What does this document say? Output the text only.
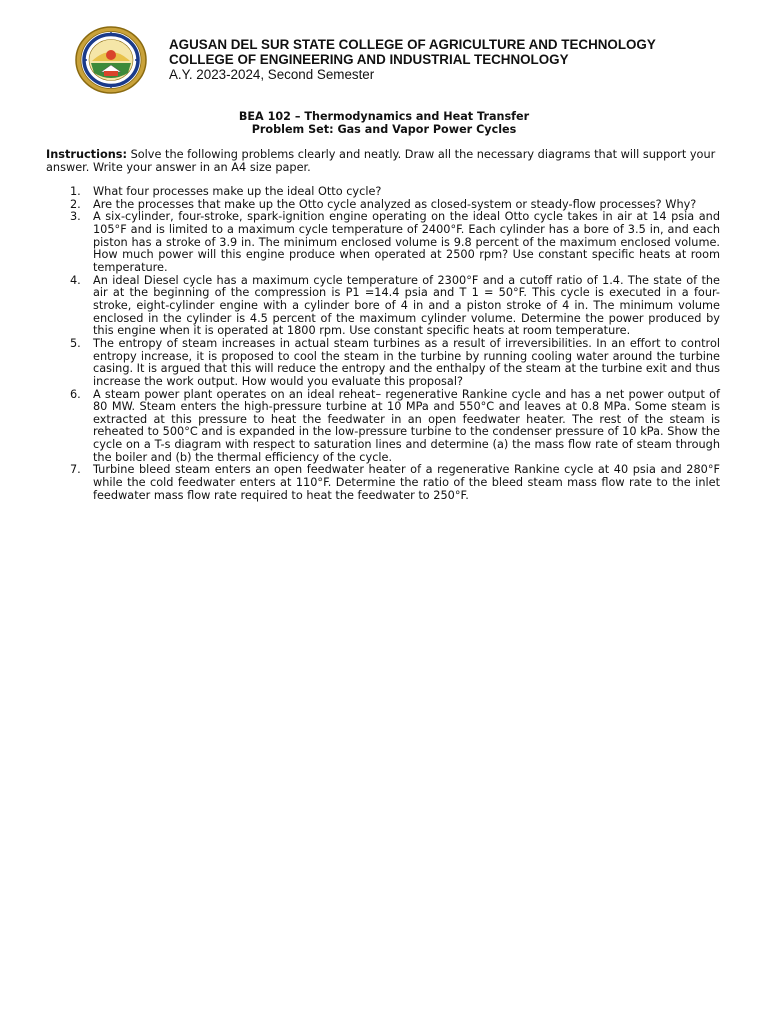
AGUSAN DEL SUR STATE COLLEGE OF AGRICULTURE AND TECHNOLOGY
COLLEGE OF ENGINEERING AND INDUSTRIAL TECHNOLOGY
A.Y. 2023-2024, Second Semester
BEA 102 – Thermodynamics and Heat Transfer
Problem Set: Gas and Vapor Power Cycles
Instructions: Solve the following problems clearly and neatly. Draw all the necessary diagrams that will support your answer. Write your answer in an A4 size paper.
1. What four processes make up the ideal Otto cycle?
2. Are the processes that make up the Otto cycle analyzed as closed-system or steady-flow processes? Why?
3. A six-cylinder, four-stroke, spark-ignition engine operating on the ideal Otto cycle takes in air at 14 psia and 105°F and is limited to a maximum cycle temperature of 2400°F. Each cylinder has a bore of 3.5 in, and each piston has a stroke of 3.9 in. The minimum enclosed volume is 9.8 percent of the maximum enclosed volume. How much power will this engine produce when operated at 2500 rpm? Use constant specific heats at room temperature.
4. An ideal Diesel cycle has a maximum cycle temperature of 2300°F and a cutoff ratio of 1.4. The state of the air at the beginning of the compression is P1 =14.4 psia and T 1 = 50°F. This cycle is executed in a four-stroke, eight-cylinder engine with a cylinder bore of 4 in and a piston stroke of 4 in. The minimum volume enclosed in the cylinder is 4.5 percent of the maximum cylinder volume. Determine the power produced by this engine when it is operated at 1800 rpm. Use constant specific heats at room temperature.
5. The entropy of steam increases in actual steam turbines as a result of irreversibilities. In an effort to control entropy increase, it is proposed to cool the steam in the turbine by running cooling water around the turbine casing. It is argued that this will reduce the entropy and the enthalpy of the steam at the turbine exit and thus increase the work output. How would you evaluate this proposal?
6. A steam power plant operates on an ideal reheat– regenerative Rankine cycle and has a net power output of 80 MW. Steam enters the high-pressure turbine at 10 MPa and 550°C and leaves at 0.8 MPa. Some steam is extracted at this pressure to heat the feedwater in an open feedwater heater. The rest of the steam is reheated to 500°C and is expanded in the low-pressure turbine to the condenser pressure of 10 kPa. Show the cycle on a T-s diagram with respect to saturation lines and determine (a) the mass flow rate of steam through the boiler and (b) the thermal efficiency of the cycle.
7. Turbine bleed steam enters an open feedwater heater of a regenerative Rankine cycle at 40 psia and 280°F while the cold feedwater enters at 110°F. Determine the ratio of the bleed steam mass flow rate to the inlet feedwater mass flow rate required to heat the feedwater to 250°F.
